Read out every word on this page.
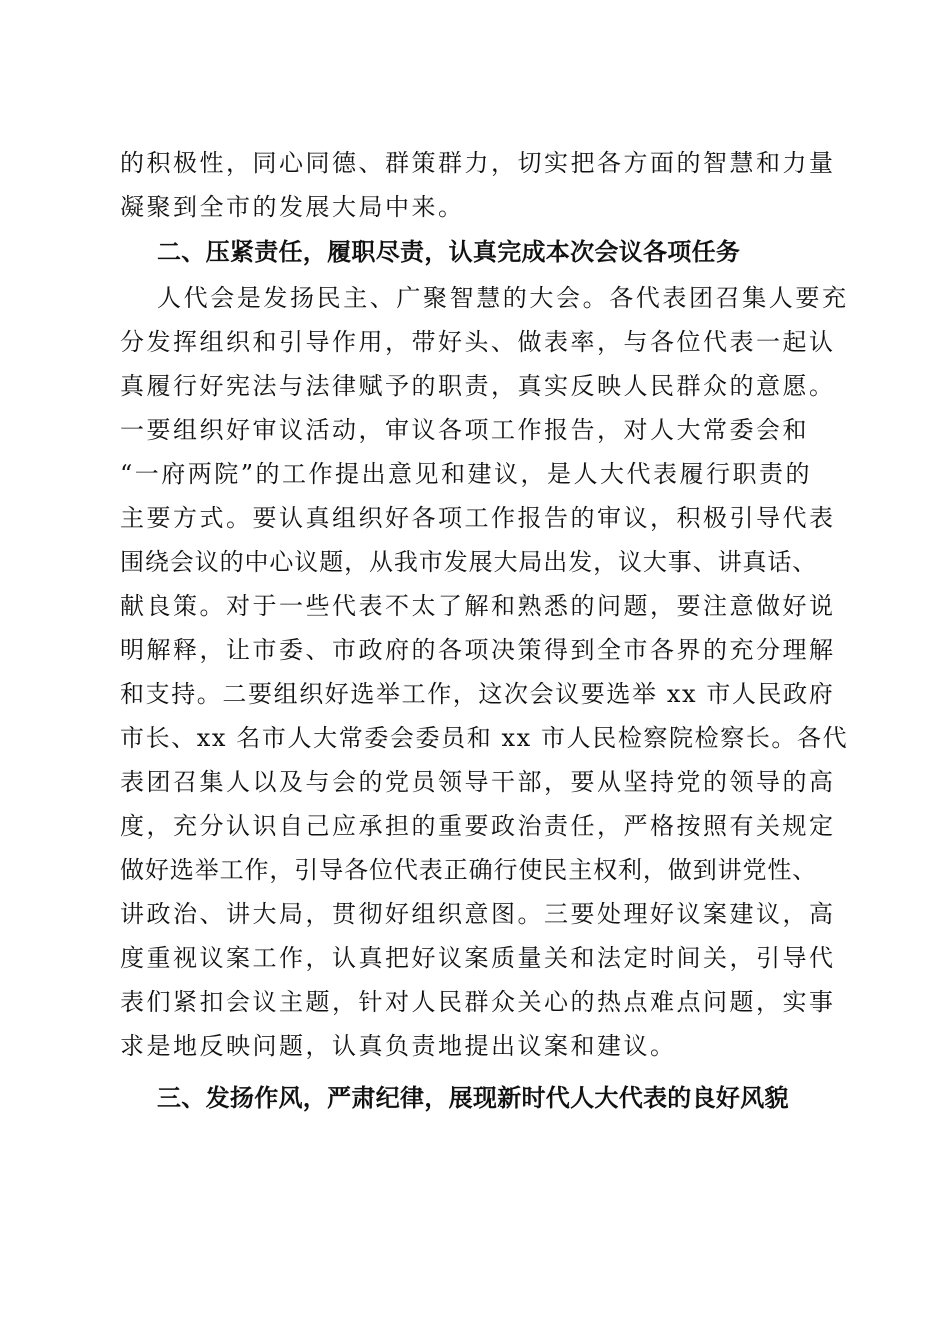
的积极性，同心同德、群策群力，切实把各方面的智慧和力量
凝聚到全市的发展大局中来。
二、压紧责任，履职尽责，认真完成本次会议各项任务
人代会是发扬民主、广聚智慧的大会。各代表团召集人要充
分发挥组织和引导作用，带好头、做表率，与各位代表一起认
真履行好宪法与法律赋予的职责，真实反映人民群众的意愿。
一要组织好审议活动，审议各项工作报告，对人大常委会和
“一府两院”的工作提出意见和建议，是人大代表履行职责的
主要方式。要认真组织好各项工作报告的审议，积极引导代表
围绕会议的中心议题，从我市发展大局出发，议大事、讲真话、
献良策。对于一些代表不太了解和熟悉的问题，要注意做好说
明解释，让市委、市政府的各项决策得到全市各界的充分理解
和支持。二要组织好选举工作，这次会议要选举 xx 市人民政府
市长、xx 名市人大常委会委员和 xx 市人民检察院检察长。各代
表团召集人以及与会的党员领导干部，要从坚持党的领导的高
度，充分认识自己应承担的重要政治责任，严格按照有关规定
做好选举工作，引导各位代表正确行使民主权利，做到讲党性、
讲政治、讲大局，贯彻好组织意图。三要处理好议案建议，高
度重视议案工作，认真把好议案质量关和法定时间关，引导代
表们紧扣会议主题，针对人民群众关心的热点难点问题，实事
求是地反映问题，认真负责地提出议案和建议。
三、发扬作风，严肃纪律，展现新时代人大代表的良好风貌
